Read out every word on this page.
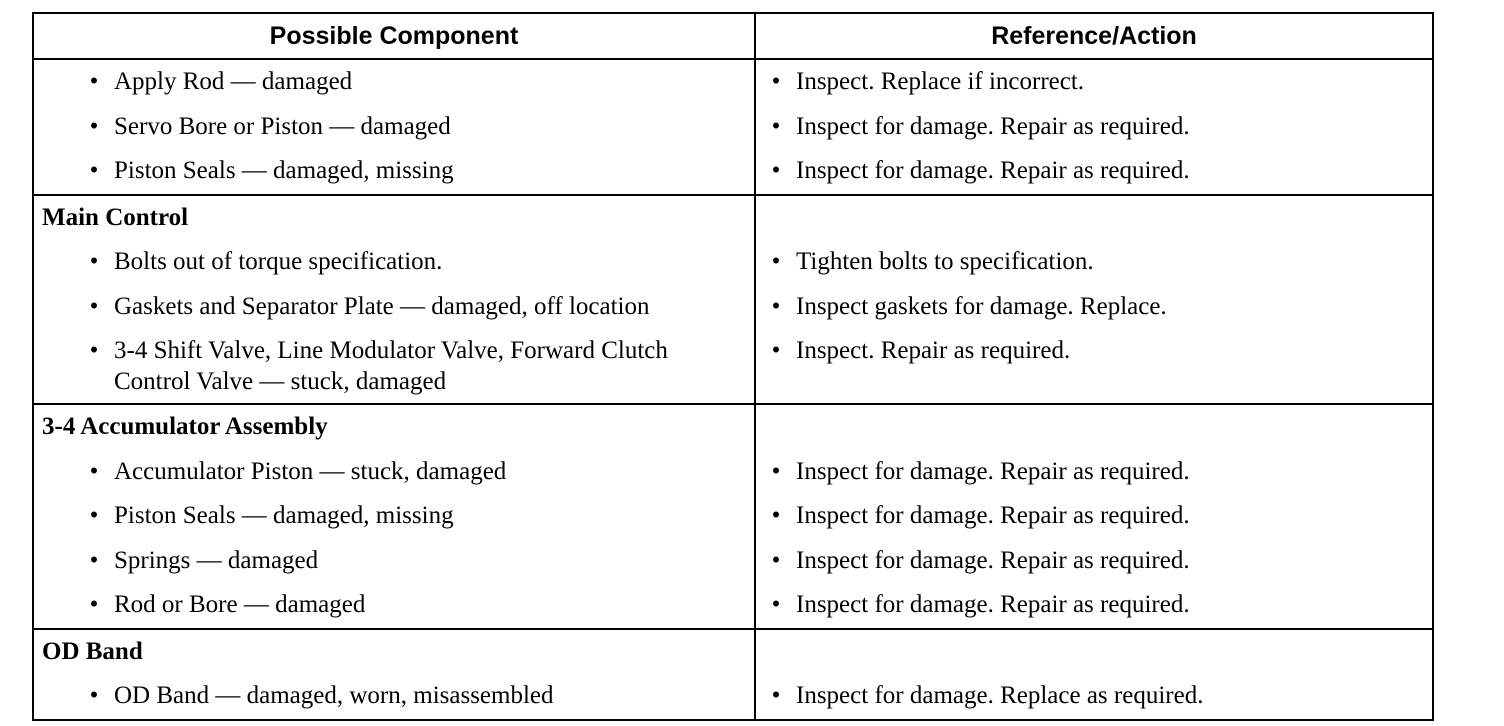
Possible Component	Reference/Action

• Apply Rod — damaged	• Inspect. Replace if incorrect.

• Servo Bore or Piston — damaged	• Inspect for damage. Repair as required.

• Piston Seals — damaged, missing	• Inspect for damage. Repair as required.

Main Control	

• Bolts out of torque specification.	• Tighten bolts to specification.

• Gaskets and Separator Plate — damaged, off location	• Inspect gaskets for damage. Replace.

• 3-4 Shift Valve, Line Modulator Valve, Forward Clutch Control Valve — stuck, damaged	• Inspect. Repair as required.

3-4 Accumulator Assembly	

• Accumulator Piston — stuck, damaged	• Inspect for damage. Repair as required.

• Piston Seals — damaged, missing	• Inspect for damage. Repair as required.

• Springs — damaged	• Inspect for damage. Repair as required.

• Rod or Bore — damaged	• Inspect for damage. Repair as required.

OD Band	

• OD Band — damaged, worn, misassembled	• Inspect for damage. Replace as required.
